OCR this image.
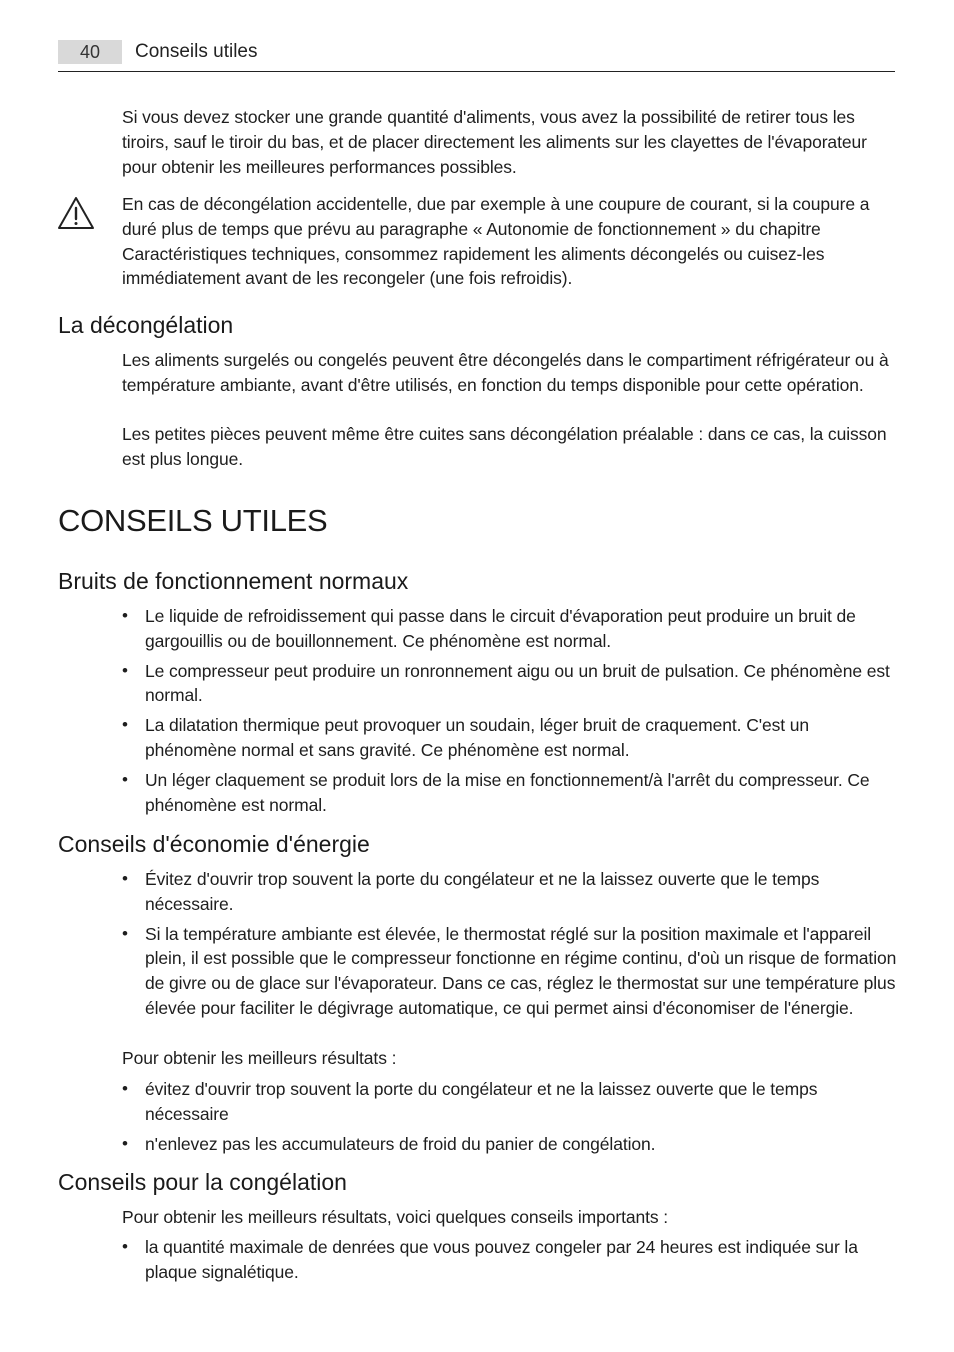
40	Conseils utiles
Si vous devez stocker une grande quantité d'aliments, vous avez la possibilité de retirer tous les tiroirs, sauf le tiroir du bas, et de placer directement les aliments sur les clayettes de l'évaporateur pour obtenir les meilleures performances possibles.
En cas de décongélation accidentelle, due par exemple à une coupure de courant, si la coupure a duré plus de temps que prévu au paragraphe « Autonomie de fonctionnement » du chapitre Caractéristiques techniques, consommez rapidement les aliments décongelés ou cuisez-les immédiatement avant de les recongeler (une fois refroidis).
La décongélation
Les aliments surgelés ou congelés peuvent être décongelés dans le compartiment réfrigérateur ou à température ambiante, avant d'être utilisés, en fonction du temps disponible pour cette opération.
Les petites pièces peuvent même être cuites sans décongélation préalable : dans ce cas, la cuisson est plus longue.
CONSEILS UTILES
Bruits de fonctionnement normaux
• Le liquide de refroidissement qui passe dans le circuit d'évaporation peut produire un bruit de gargouillis ou de bouillonnement. Ce phénomène est normal.
• Le compresseur peut produire un ronronnement aigu ou un bruit de pulsation. Ce phénomène est normal.
• La dilatation thermique peut provoquer un soudain, léger bruit de craquement. C'est un phénomène normal et sans gravité. Ce phénomène est normal.
• Un léger claquement se produit lors de la mise en fonctionnement/à l'arrêt du compresseur. Ce phénomène est normal.
Conseils d'économie d'énergie
• Évitez d'ouvrir trop souvent la porte du congélateur et ne la laissez ouverte que le temps nécessaire.
• Si la température ambiante est élevée, le thermostat réglé sur la position maximale et l'appareil plein, il est possible que le compresseur fonctionne en régime continu, d'où un risque de formation de givre ou de glace sur l'évaporateur. Dans ce cas, réglez le thermostat sur une température plus élevée pour faciliter le dégivrage automatique, ce qui permet ainsi d'économiser de l'énergie.
Pour obtenir les meilleurs résultats :
• évitez d'ouvrir trop souvent la porte du congélateur et ne la laissez ouverte que le temps nécessaire
• n'enlevez pas les accumulateurs de froid du panier de congélation.
Conseils pour la congélation
Pour obtenir les meilleurs résultats, voici quelques conseils importants :
• la quantité maximale de denrées que vous pouvez congeler par 24 heures est indiquée sur la plaque signalétique.
